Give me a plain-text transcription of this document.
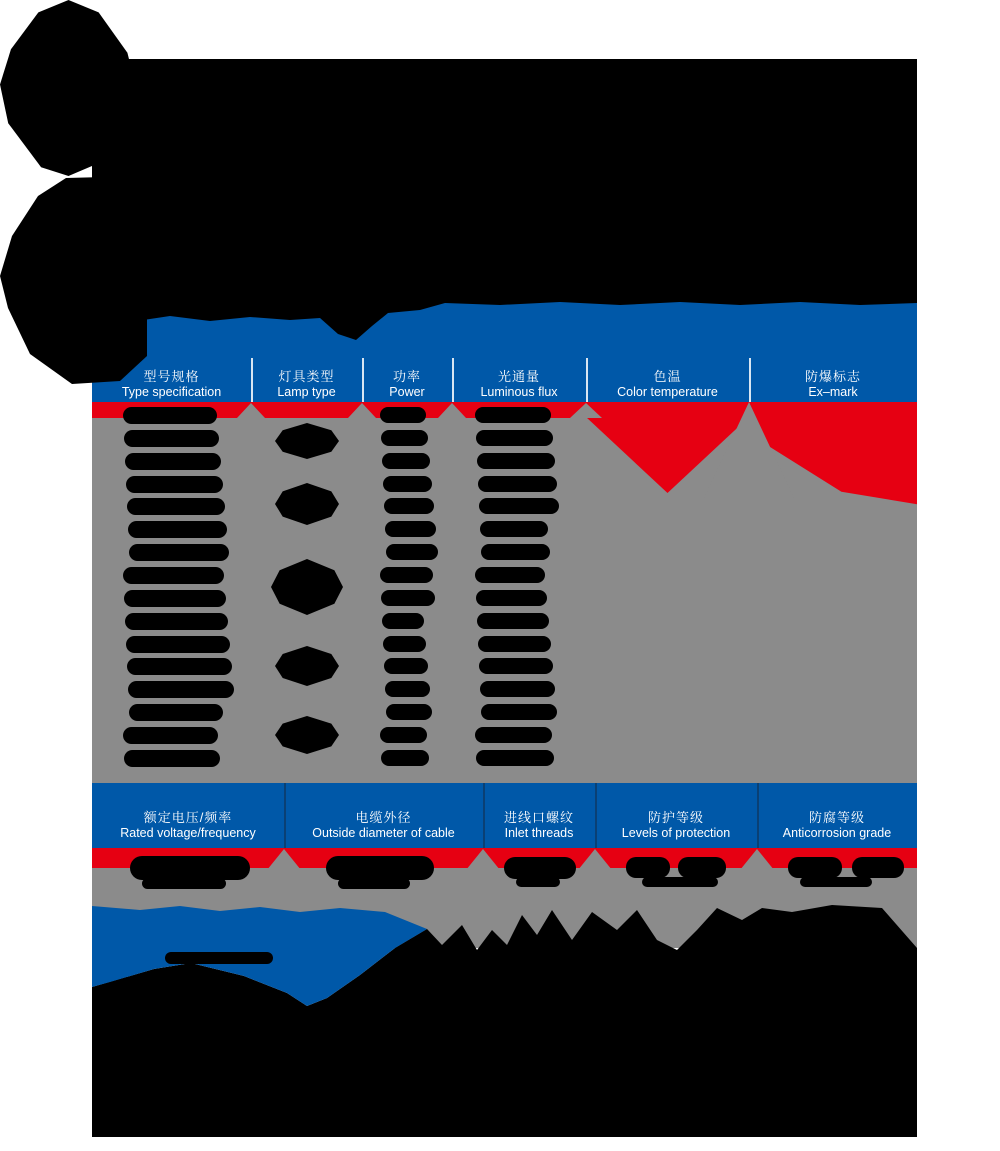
型号规格
Type specification
灯具类型
Lamp type
功率
Power
光通量
Luminous flux
色温
Color temperature
防爆标志
Ex–mark
额定电压/频率
Rated voltage/frequency
电缆外径
Outside diameter of cable
进线口螺纹
Inlet threads
防护等级
Levels of protection
防腐等级
Anticorrosion grade
